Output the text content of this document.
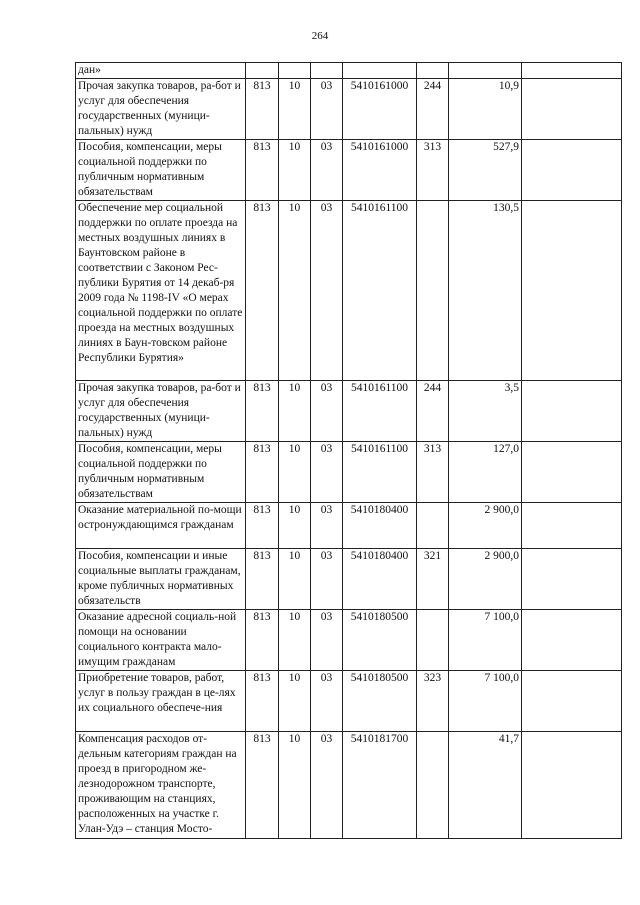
264
дан»							
Прочая закупка товаров, ра-бот и услуг для обеспечения государственных (муници-пальных) нужд	813	10	03	5410161000	244	10,9	
Пособия, компенсации, меры социальной поддержки по публичным нормативным обязательствам	813	10	03	5410161000	313	527,9	
Обеспечение мер социальной поддержки по оплате проезда на местных воздушных линиях в Баунтовском районе в соответствии с Законом Рес-публики Бурятия от 14 декаб-ря 2009 года № 1198-IV «О мерах социальной поддержки по оплате проезда на местных воздушных линиях в Баун-товском районе Республики Бурятия»	813	10	03	5410161100		130,5	
Прочая закупка товаров, ра-бот и услуг для обеспечения государственных (муници-пальных) нужд	813	10	03	5410161100	244	3,5	
Пособия, компенсации, меры социальной поддержки по публичным нормативным обязательствам	813	10	03	5410161100	313	127,0	
Оказание материальной по-мощи остронуждающимся гражданам	813	10	03	5410180400		2 900,0	
Пособия, компенсации и иные социальные выплаты гражданам, кроме публичных нормативных обязательств	813	10	03	5410180400	321	2 900,0	
Оказание адресной социаль-ной помощи на основании социального контракта мало-имущим гражданам	813	10	03	5410180500		7 100,0	
Приобретение товаров, работ, услуг в пользу граждан в це-лях их социального обеспече-ния	813	10	03	5410180500	323	7 100,0	
Компенсация расходов от-дельным категориям граждан на проезд в пригородном же-лезнодорожном транспорте, проживающим на станциях, расположенных на участке г. Улан-Удэ – станция Мосто-	813	10	03	5410181700		41,7	
